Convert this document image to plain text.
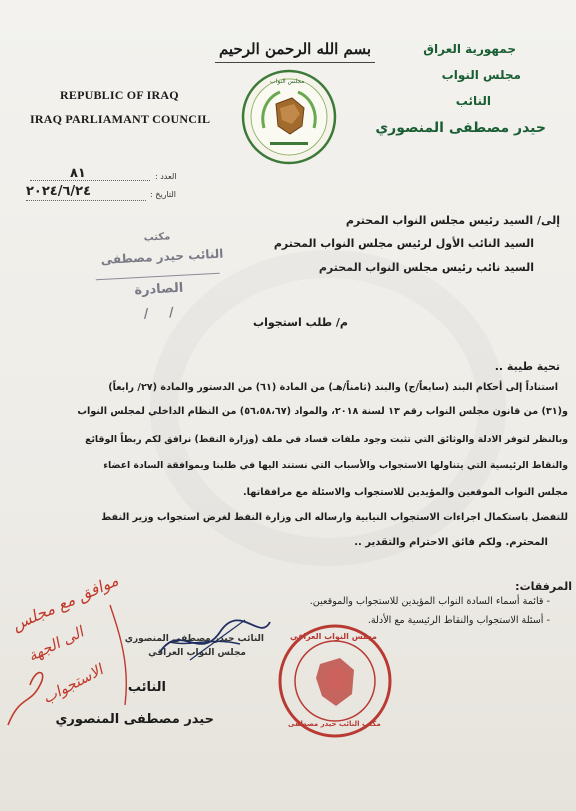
بسم الله الرحمن الرحيم
REPUBLIC OF IRAQ
IRAQ PARLIAMANT COUNCIL
جمهورية العراق
مجلس النواب
النائب
حيدر مصطفى المنصوري
مجلس النواب
العدد :
٨١
التاريخ :
٢٠٢٤/٦/٢٤
إلى/ السيد رئيس مجلس النواب المحترم
السيد النائب الأول لرئيس مجلس النواب المحترم
السيد نائب رئيس مجلس النواب المحترم
مكتب
النائب حيدر مصطفى
الصادرة
/ /
م/ طلب استجواب
تحية طيبة ..
استناداً إلى أحكام البند (سابعاً/ج) والبند (ثامناً/هـ) من المادة (٦١) من الدستور والمادة (٢٧/ رابعاً)
و(٣١) من قانون مجلس النواب رقم ١٣ لسنة ٢٠١٨، والمواد (٥٦،٥٨،٦٧) من النظام الداخلي لمجلس النواب
وبالنظر لتوفر الادلة والوثائق التي تثبت وجود ملفات فساد في ملف (وزارة النفط) نرافق لكم ربطاً الوقائع
والنقاط الرئيسية التي يتناولها الاستجواب والأسباب التي نستند اليها في طلبنا وبموافقة السادة اعضاء
مجلس النواب الموقعين والمؤيدين للاستجواب والاسئلة مع مرافقاتها.
للتفضل باستكمال اجراءات الاستجواب النيابية وارساله الى وزارة النفط لغرض استجواب وزير النفط
المحترم. ولكم فائق الاحترام والتقدير ..
المرفقات:
- قائمة أسماء السادة النواب المؤيدين للاستجواب والموقعين.
- أسئلة الاستجواب والنقاط الرئيسية مع الأدلة.
مجلس النواب العراقي
مكتب النائب حيدر مصطفى
النائب حيدر مصطفى المنصوري
مجلس النواب العراقي
النائب
حيدر مصطفى المنصوري
موافق مع مجلس
الى الجهة
الاستجواب
